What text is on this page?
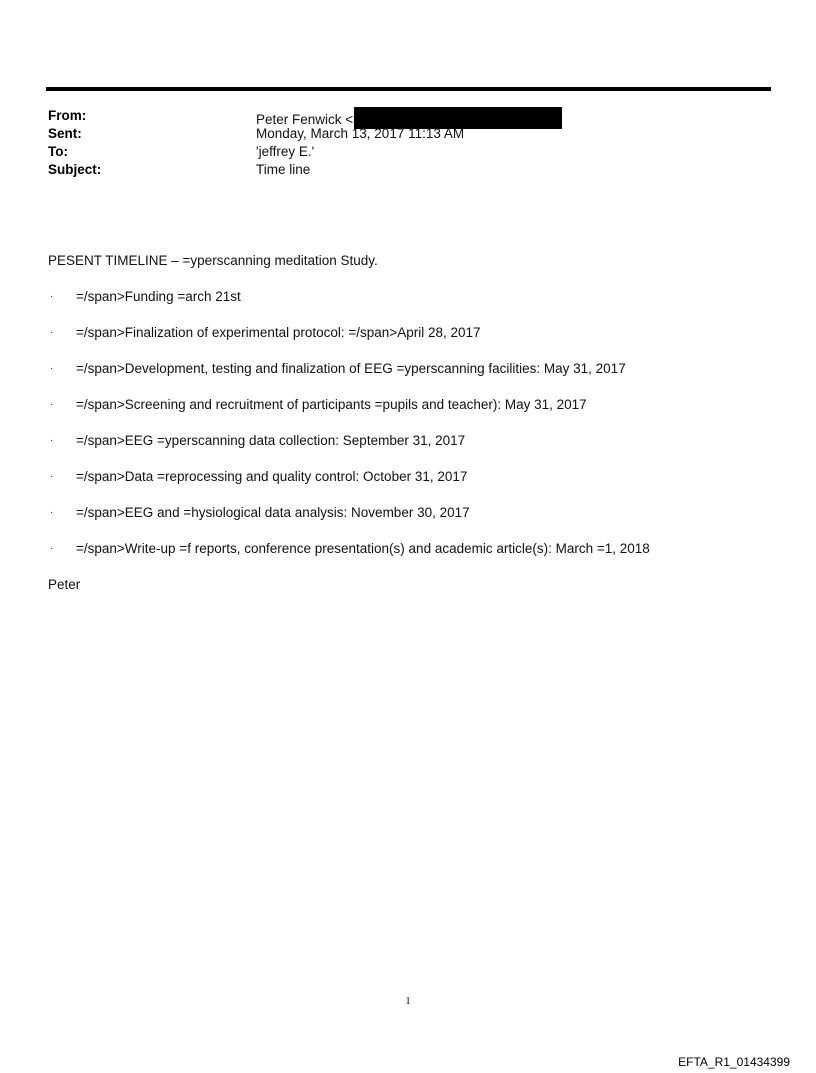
From:	Peter Fenwick <
Sent:	Monday, March 13, 2017 11:13 AM
To:	'jeffrey E.'
Subject:	Time line

PESENT TIMELINE – =yperscanning meditation Study.

·	=/span>Funding =arch 21st
·	=/span>Finalization of experimental protocol: =/span>April 28, 2017
·	=/span>Development, testing and finalization of EEG =yperscanning facilities: May 31, 2017
·	=/span>Screening and recruitment of participants =pupils and teacher): May 31, 2017
·	=/span>EEG =yperscanning data collection: September 31, 2017
·	=/span>Data =reprocessing and quality control: October 31, 2017
·	=/span>EEG and =hysiological data analysis: November 30, 2017
·	=/span>Write-up =f reports, conference presentation(s) and academic article(s): March =1, 2018

Peter

1
EFTA_R1_01434399
